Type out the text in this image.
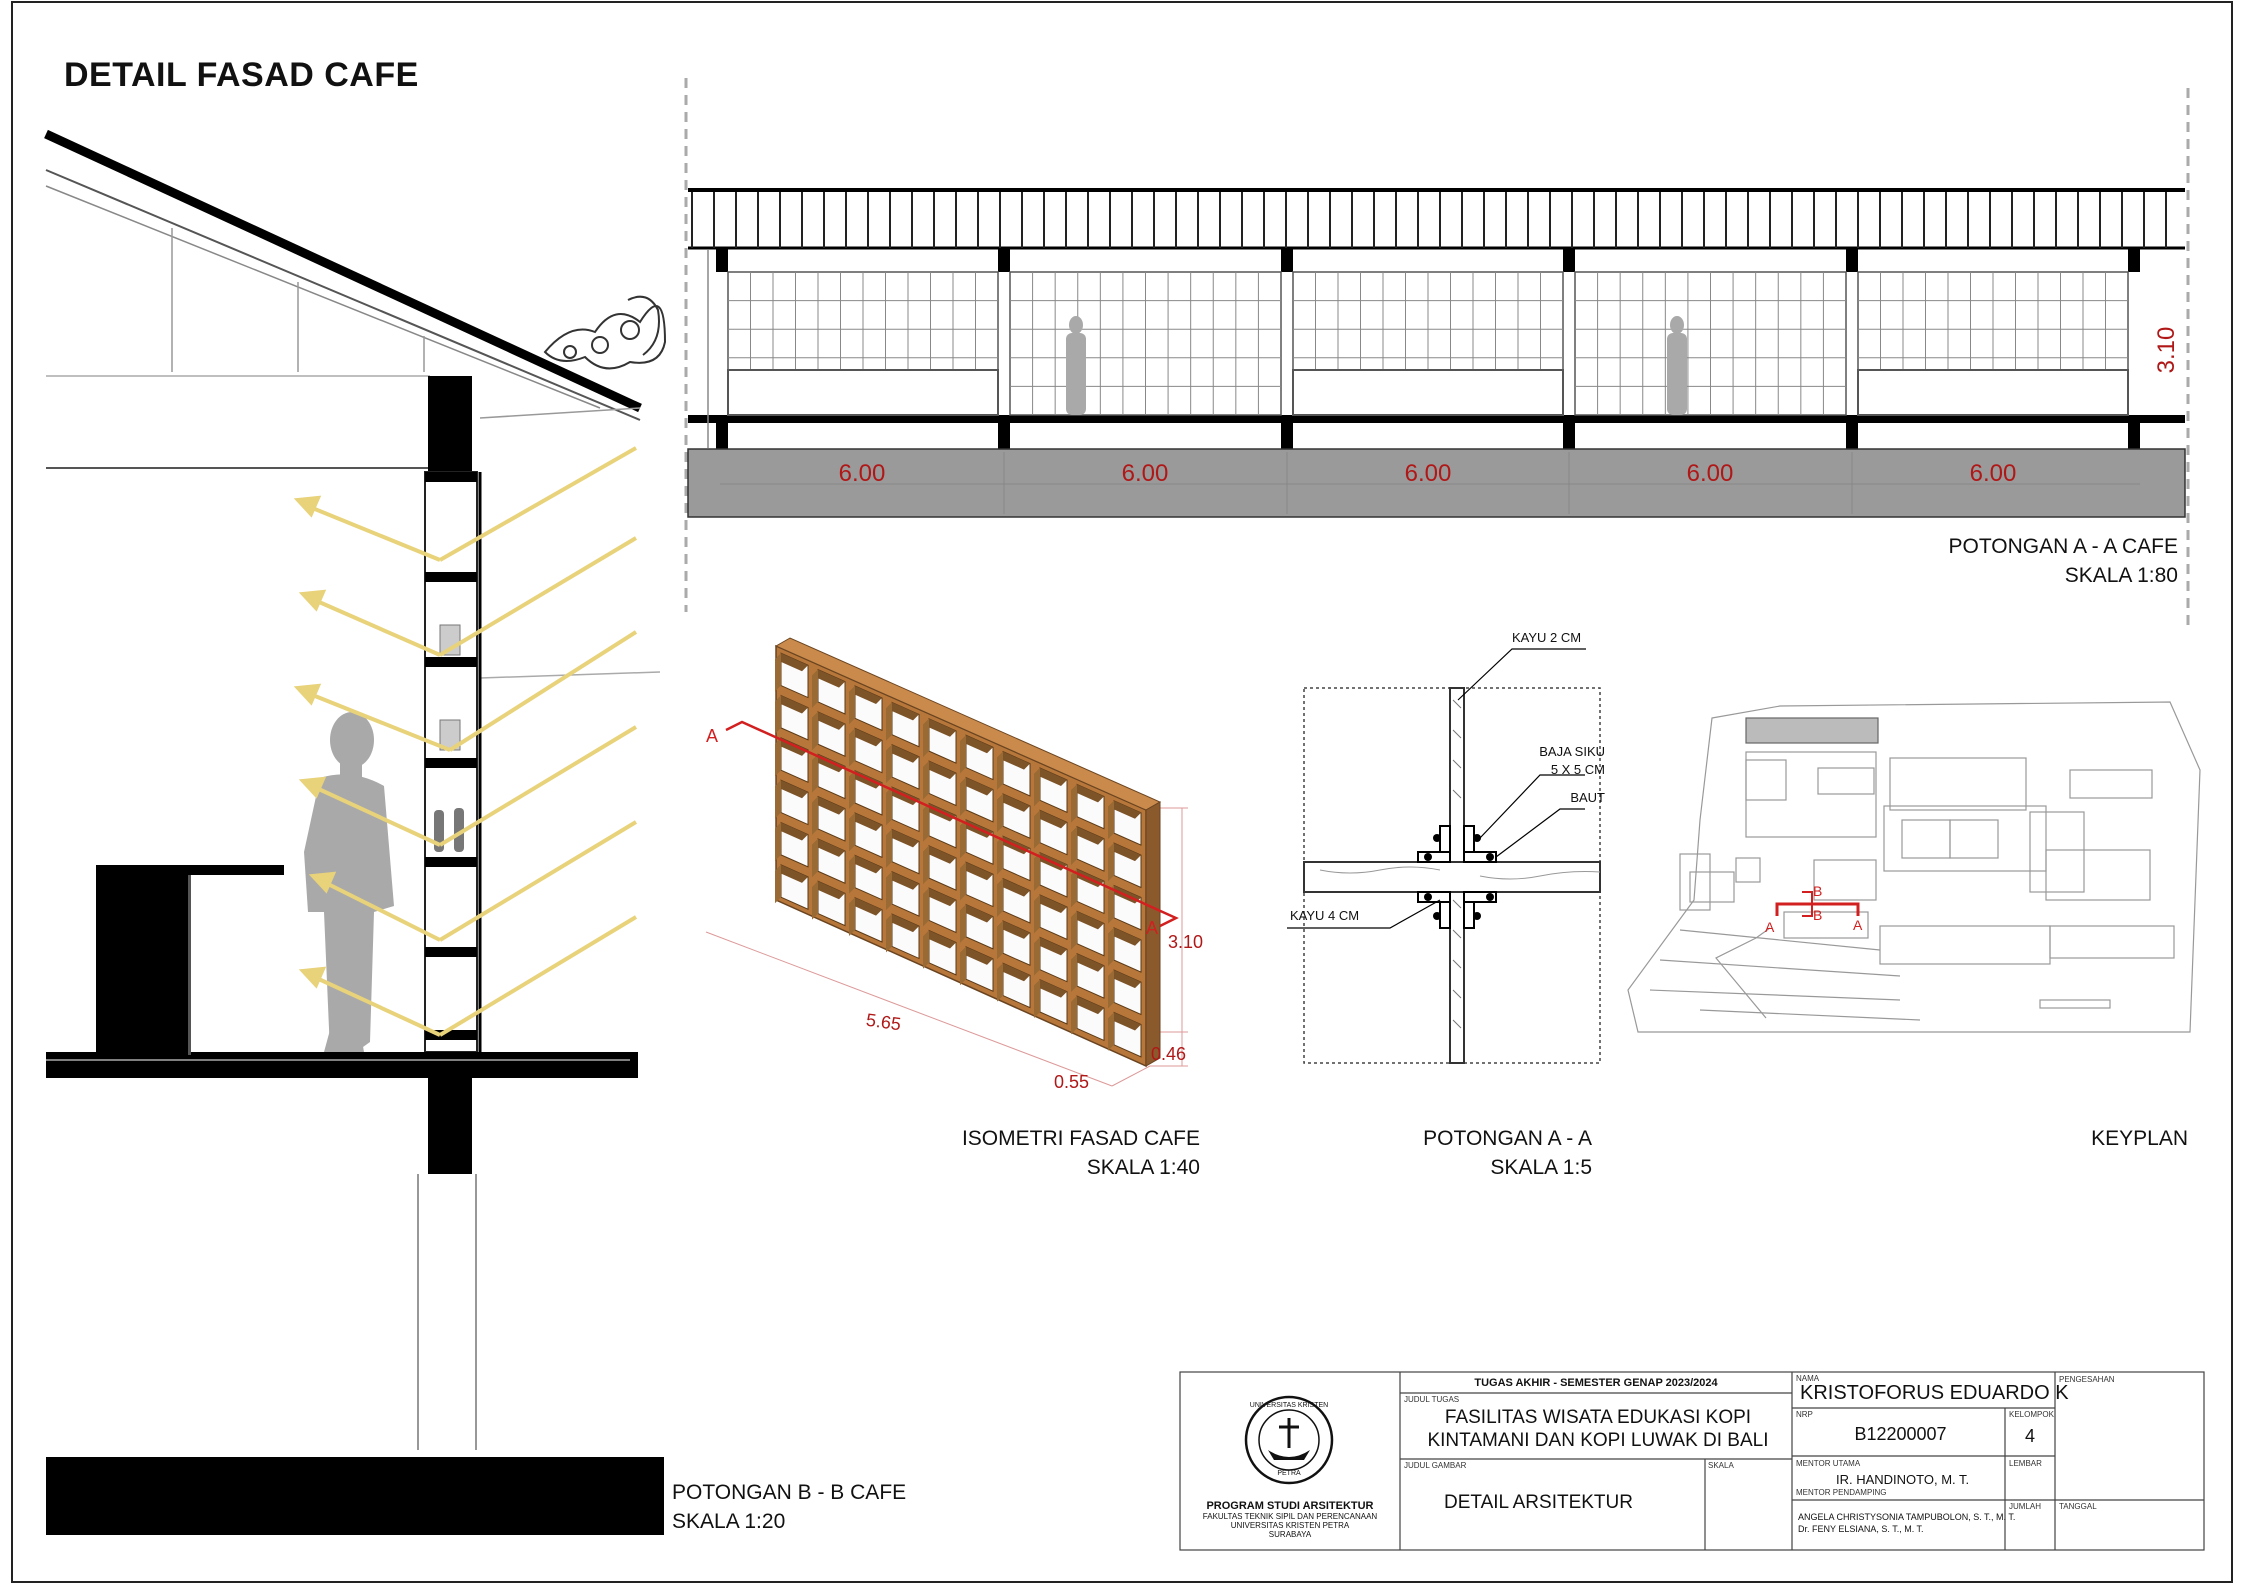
DETAIL FASAD CAFE
6.00	6.00	6.00	6.00	6.00
3.10
POTONGAN A - A CAFE
SKALA 1:80
POTONGAN B - B CAFE
SKALA 1:20
A
A
5.65
3.10
0.46
0.55
ISOMETRI FASAD CAFE
SKALA 1:40
KAYU 2 CM
BAJA SIKU
5 X 5 CM
BAUT
KAYU 4 CM
POTONGAN A - A
SKALA 1:5
A	A
B
B
KEYPLAN
TUGAS AKHIR - SEMESTER GENAP 2023/2024
JUDUL TUGAS
FASILITAS WISATA EDUKASI KOPI
KINTAMANI DAN KOPI LUWAK DI BALI
JUDUL GAMBAR
DETAIL ARSITEKTUR
SKALA
NAMA
KRISTOFORUS EDUARDO K
NRP
B12200007
KELOMPOK
4
MENTOR UTAMA
IR. HANDINOTO, M. T.
LEMBAR
MENTOR PENDAMPING
ANGELA CHRISTYSONIA TAMPUBOLON, S. T., M. T.
Dr. FENY ELSIANA, S. T., M. T.
JUMLAH
PENGESAHAN
TANGGAL
PROGRAM STUDI ARSITEKTUR
FAKULTAS TEKNIK SIPIL DAN PERENCANAAN
UNIVERSITAS KRISTEN PETRA
SURABAYA
UNIVERSITAS KRISTEN
PETRA
